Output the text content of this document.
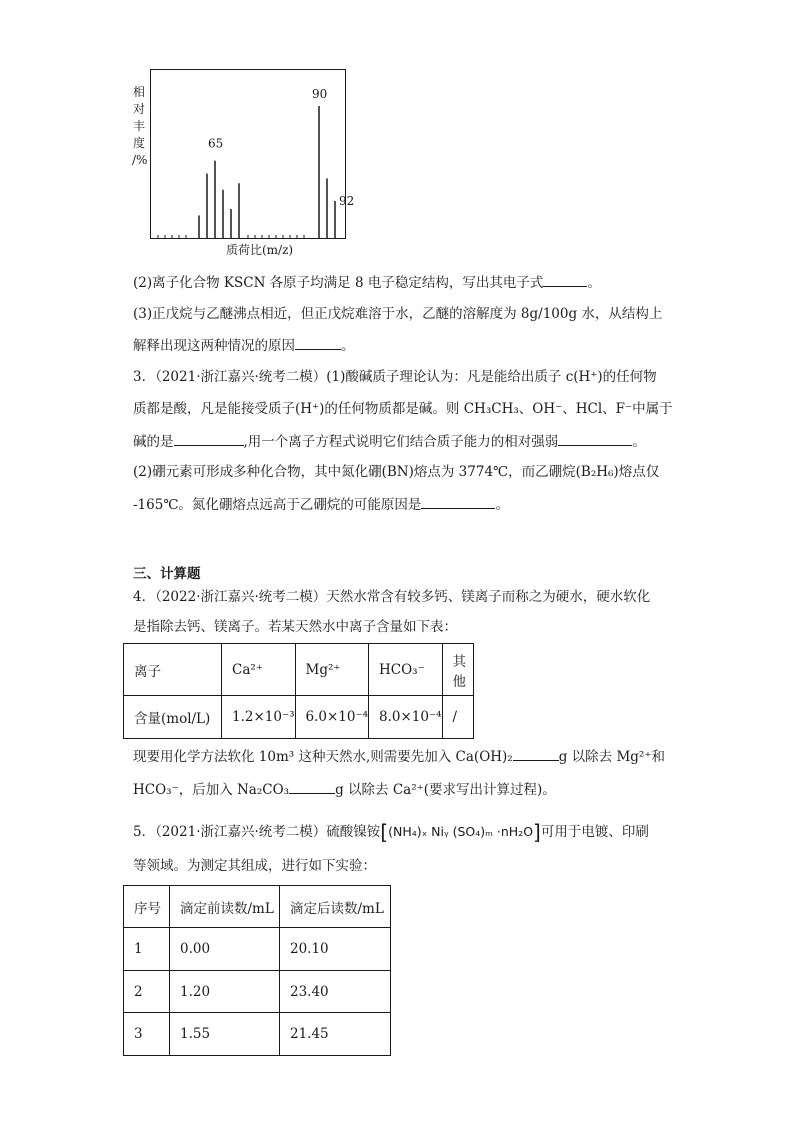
相
对
丰
度
/%
65
90
92
质荷比(m/z)
(2)离子化合物 KSCN 各原子均满足 8 电子稳定结构，写出其电子式	。
(3)正戊烷与乙醚沸点相近，但正戊烷难溶于水，乙醚的溶解度为 8g/100g 水，从结构上
解释出现这两种情况的原因	。
3．（2021·浙江嘉兴·统考二模）(1)酸碱质子理论认为：凡是能给出质子 c(H⁺)的任何物
质都是酸，凡是能接受质子(H⁺)的任何物质都是碱。则 CH₃CH₃、OH⁻、HCl、F⁻中属于
碱的是	,用一个离子方程式说明它们结合质子能力的相对强弱	。
(2)硼元素可形成多种化合物，其中氮化硼(BN)熔点为 3774℃，而乙硼烷(B₂H₆)熔点仅
-165℃。氮化硼熔点远高于乙硼烷的可能原因是	。
三、计算题
4．（2022·浙江嘉兴·统考二模）天然水常含有较多钙、镁离子而称之为硬水，硬水软化
是指除去钙、镁离子。若某天然水中离子含量如下表：
离子	Ca²⁺	Mg²⁺	HCO₃⁻	其他
含量(mol/L)	1.2×10⁻³	6.0×10⁻⁴	8.0×10⁻⁴	/
现要用化学方法软化 10m³ 这种天然水,则需要先加入 Ca(OH)₂	g 以除去 Mg²⁺和
HCO₃⁻，后加入 Na₂CO₃	g 以除去 Ca²⁺(要求写出计算过程)。
5．（2021·浙江嘉兴·统考二模）硫酸镍铵[(NH₄)ₓ Niᵧ (SO₄)ₘ ·nH₂O]可用于电镀、印刷
等领域。为测定其组成，进行如下实验：
序号	滴定前读数/mL	滴定后读数/mL
1	0.00	20.10
2	1.20	23.40
3	1.55	21.45
